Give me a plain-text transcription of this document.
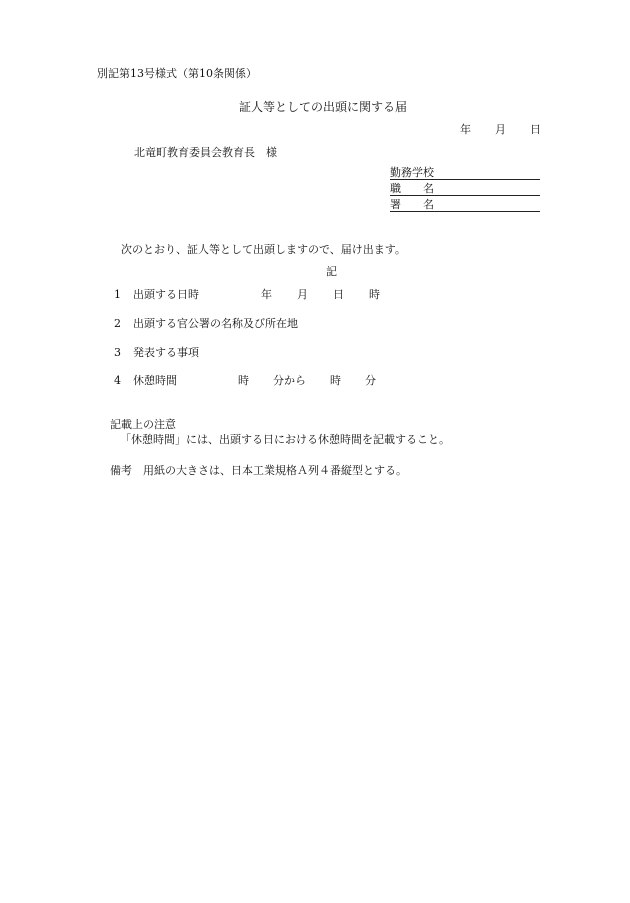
別記第13号様式（第10条関係）
証人等としての出頭に関する届
年 月 日
北竜町教育委員会教育長　様
勤務学校
職　　名
署　　名
次のとおり、証人等として出頭しますので、届け出ます。
記
1 出頭する日時	年 月 日 時
2 出頭する官公署の名称及び所在地
3 発表する事項
4 休憩時間	時 分から 時 分
記載上の注意
「休憩時間」には、出頭する日における休憩時間を記載すること。
備考 用紙の大きさは、日本工業規格Ａ列４番縦型とする。
